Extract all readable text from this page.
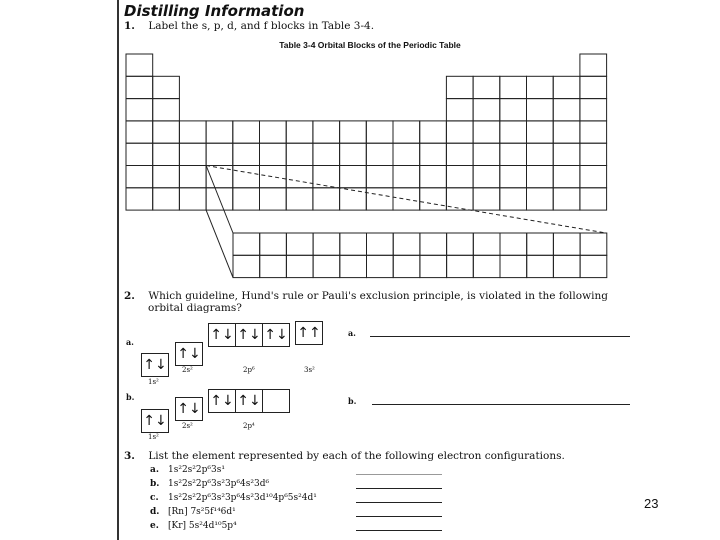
Distilling Information
1. Label the s, p, d, and f blocks in Table 3-4.
Table 3-4 Orbital Blocks of the Periodic Table
2. Which guideline, Hund's rule or Pauli's exclusion principle, is violated in the following
orbital diagrams?
a.
↑↓
1s²
↑↓
2s²
↑↓ ↑↓ ↑↓
2p⁶
↑↑
3s²
a.
b.
↑↓
1s²
↑↓
2s²
↑↓ ↑↓
2p⁴
b.
3. List the element represented by each of the following electron configurations.
a. 1s²2s²2p⁶3s¹
b. 1s²2s²2p⁶3s²3p⁶4s²3d⁶
c. 1s²2s²2p⁶3s²3p⁶4s²3d¹⁰4p⁶5s²4d¹
d. [Rn] 7s²5f¹⁴6d¹
e. [Kr] 5s²4d¹⁰5p⁴
23
